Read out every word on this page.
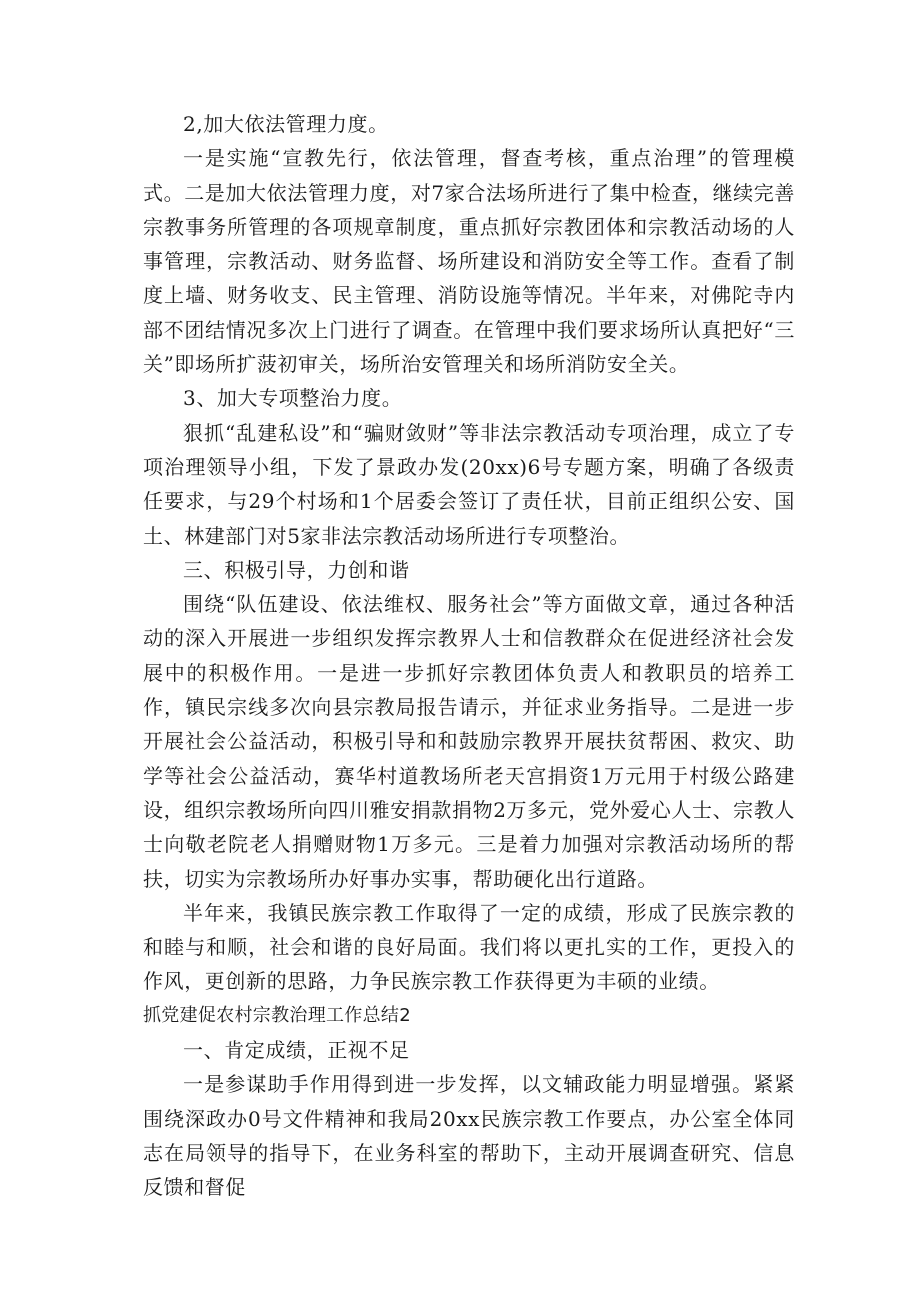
2,加大依法管理力度。

一是实施“宣教先行，依法管理，督查考核，重点治理”的管理模式。二是加大依法管理力度，对7家合法场所进行了集中检查，继续完善宗教事务所管理的各项规章制度，重点抓好宗教团体和宗教活动场的人事管理，宗教活动、财务监督、场所建设和消防安全等工作。查看了制度上墙、财务收支、民主管理、消防设施等情况。半年来，对佛陀寺内部不团结情况多次上门进行了调查。在管理中我们要求场所认真把好“三关”即场所扩菠初审关，场所治安管理关和场所消防安全关。

3、加大专项整治力度。

狠抓“乱建私设”和“骗财敛财”等非法宗教活动专项治理，成立了专项治理领导小组，下发了景政办发(20xx)6号专题方案，明确了各级责任要求，与29个村场和1个居委会签订了责任状，目前正组织公安、国土、林建部门对5家非法宗教活动场所进行专项整治。

三、积极引导，力创和谐

围绕“队伍建设、依法维权、服务社会”等方面做文章，通过各种活动的深入开展进一步组织发挥宗教界人士和信教群众在促进经济社会发展中的积极作用。一是进一步抓好宗教团体负责人和教职员的培养工作，镇民宗线多次向县宗教局报告请示，并征求业务指导。二是进一步开展社会公益活动，积极引导和和鼓励宗教界开展扶贫帮困、救灾、助学等社会公益活动，赛华村道教场所老天宫捐资1万元用于村级公路建设，组织宗教场所向四川雅安捐款捐物2万多元，党外爱心人士、宗教人士向敬老院老人捐赠财物1万多元。三是着力加强对宗教活动场所的帮扶，切实为宗教场所办好事办实事，帮助硬化出行道路。

半年来，我镇民族宗教工作取得了一定的成绩，形成了民族宗教的和睦与和顺，社会和谐的良好局面。我们将以更扎实的工作，更投入的作风，更创新的思路，力争民族宗教工作获得更为丰硕的业绩。

抓党建促农村宗教治理工作总结2

一、肯定成绩，正视不足

一是参谋助手作用得到进一步发挥，以文辅政能力明显增强。紧紧围绕深政办0号文件精神和我局20xx民族宗教工作要点，办公室全体同志在局领导的指导下，在业务科室的帮助下，主动开展调查研究、信息反馈和督促
